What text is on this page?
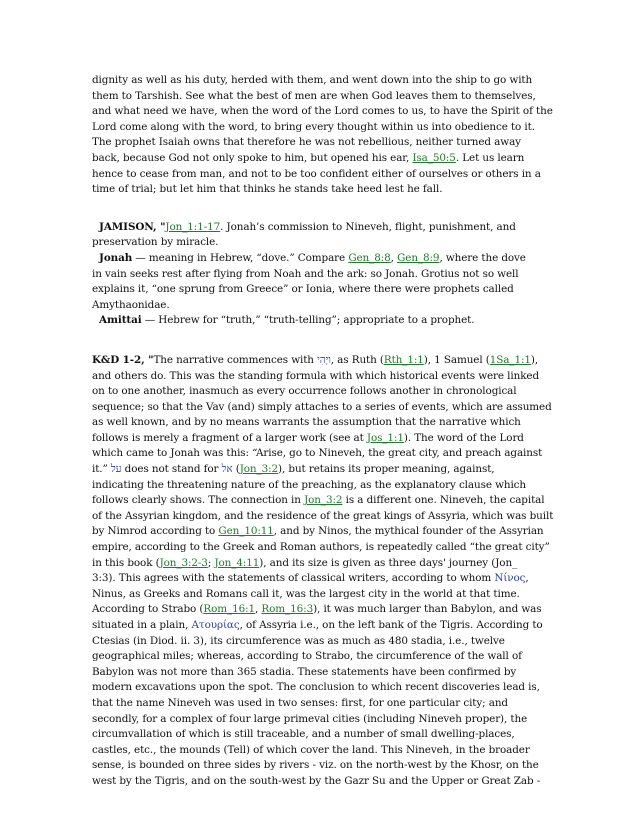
dignity as well as his duty, herded with them, and went down into the ship to go with
them to Tarshish. See what the best of men are when God leaves them to themselves,
and what need we have, when the word of the Lord comes to us, to have the Spirit of the
Lord come along with the word, to bring every thought within us into obedience to it.
The prophet Isaiah owns that therefore he was not rebellious, neither turned away
back, because God not only spoke to him, but opened his ear, Isa_50:5. Let us learn
hence to cease from man, and not to be too confident either of ourselves or others in a
time of trial; but let him that thinks he stands take heed lest he fall.
JAMISON, "Jon_1:1-17. Jonah’s commission to Nineveh, flight, punishment, and
preservation by miracle.
Jonah — meaning in Hebrew, “dove.” Compare Gen_8:8, Gen_8:9, where the dove
in vain seeks rest after flying from Noah and the ark: so Jonah. Grotius not so well
explains it, “one sprung from Greece” or Ionia, where there were prophets called
Amythaonidae.
Amittai — Hebrew for “truth,” “truth-telling”; appropriate to a prophet.
K&D 1-2, "The narrative commences with ויְהִי, as Ruth (Rth_1:1), 1 Samuel (1Sa_1:1),
and others do. This was the standing formula with which historical events were linked
on to one another, inasmuch as every occurrence follows another in chronological
sequence; so that the Vav (and) simply attaches to a series of events, which are assumed
as well known, and by no means warrants the assumption that the narrative which
follows is merely a fragment of a larger work (see at Jos_1:1). The word of the Lord
which came to Jonah was this: “Arise, go to Nineveh, the great city, and preach against
it.” על does not stand for אל (Jon_3:2), but retains its proper meaning, against,
indicating the threatening nature of the preaching, as the explanatory clause which
follows clearly shows. The connection in Jon_3:2 is a different one. Nineveh, the capital
of the Assyrian kingdom, and the residence of the great kings of Assyria, which was built
by Nimrod according to Gen_10:11, and by Ninos, the mythical founder of the Assyrian
empire, according to the Greek and Roman authors, is repeatedly called “the great city”
in this book (Jon_3:2-3; Jon_4:11), and its size is given as three days' journey (Jon_
3:3). This agrees with the statements of classical writers, according to whom Νίνος,
Ninus, as Greeks and Romans call it, was the largest city in the world at that time.
According to Strabo (Rom_16:1, Rom_16:3), it was much larger than Babylon, and was
situated in a plain, Ατουρίας, of Assyria i.e., on the left bank of the Tigris. According to
Ctesias (in Diod. ii. 3), its circumference was as much as 480 stadia, i.e., twelve
geographical miles; whereas, according to Strabo, the circumference of the wall of
Babylon was not more than 365 stadia. These statements have been confirmed by
modern excavations upon the spot. The conclusion to which recent discoveries lead is,
that the name Nineveh was used in two senses: first, for one particular city; and
secondly, for a complex of four large primeval cities (including Nineveh proper), the
circumvallation of which is still traceable, and a number of small dwelling-places,
castles, etc., the mounds (Tell) of which cover the land. This Nineveh, in the broader
sense, is bounded on three sides by rivers - viz. on the north-west by the Khosr, on the
west by the Tigris, and on the south-west by the Gazr Su and the Upper or Great Zab -
